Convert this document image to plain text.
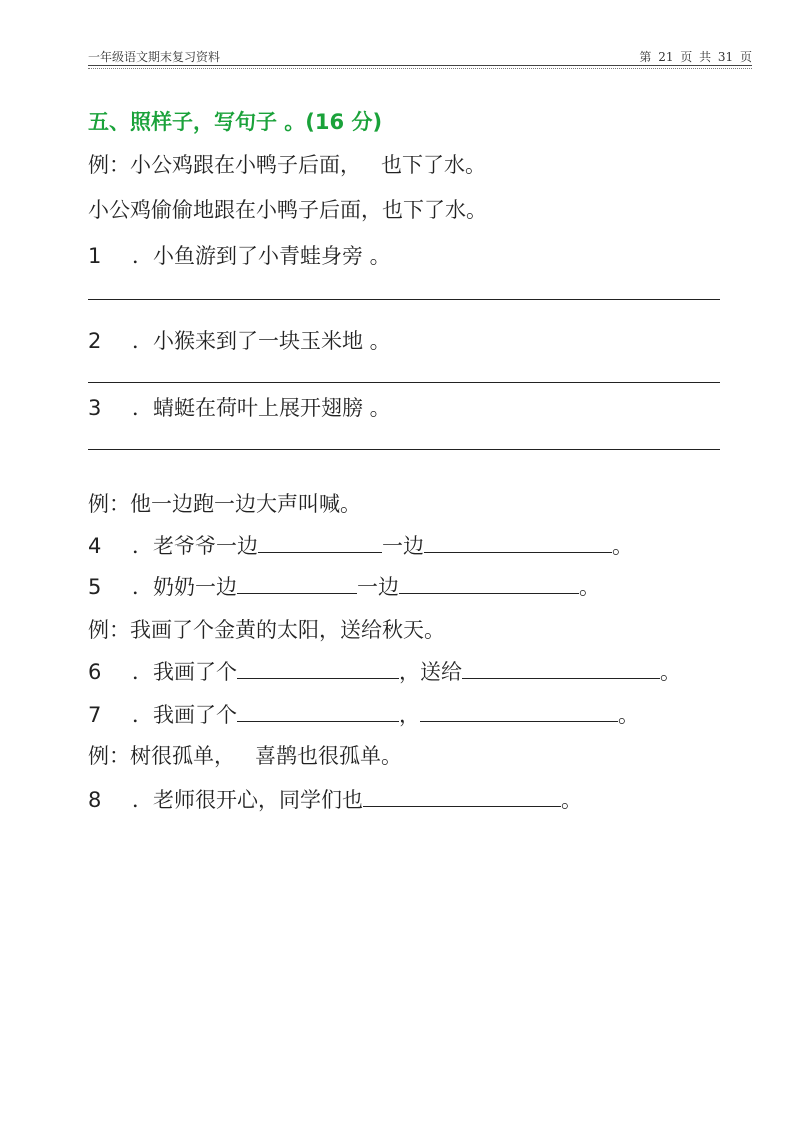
一年级语文期末复习资料	第 21 页 共 31 页
五、照样子，写句子 。(16 分)
例：小公鸡跟在小鸭子后面，   也下了水。
小公鸡偷偷地跟在小鸭子后面，也下了水。
1 ．小鱼游到了小青蛙身旁 。
2 ．小猴来到了一块玉米地 。
3 ．蜻蜓在荷叶上展开翅膀 。
例：他一边跑一边大声叫喊。
4 ．老爷爷一边	一边	。
5 ．奶奶一边	一边	。
例：我画了个金黄的太阳，送给秋天。
6 ．我画了个	，送给	。
7 ．我画了个	，	。
例：树很孤单，   喜鹊也很孤单。
8 ．老师很开心，同学们也	。
